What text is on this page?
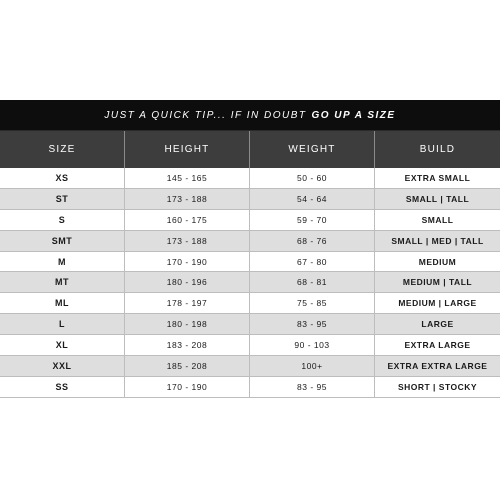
JUST A QUICK TIP... IF IN DOUBT GO UP A SIZE
SIZE	HEIGHT	WEIGHT	BUILD
XS	145 - 165	50 - 60	EXTRA SMALL
ST	173 - 188	54 - 64	SMALL | TALL
S	160 - 175	59 - 70	SMALL
SMT	173 - 188	68 - 76	SMALL | MED | TALL
M	170 - 190	67 - 80	MEDIUM
MT	180 - 196	68 - 81	MEDIUM | TALL
ML	178 - 197	75 - 85	MEDIUM | LARGE
L	180 - 198	83 - 95	LARGE
XL	183 - 208	90 - 103	EXTRA LARGE
XXL	185 - 208	100+	EXTRA EXTRA LARGE
SS	170 - 190	83 - 95	SHORT | STOCKY
